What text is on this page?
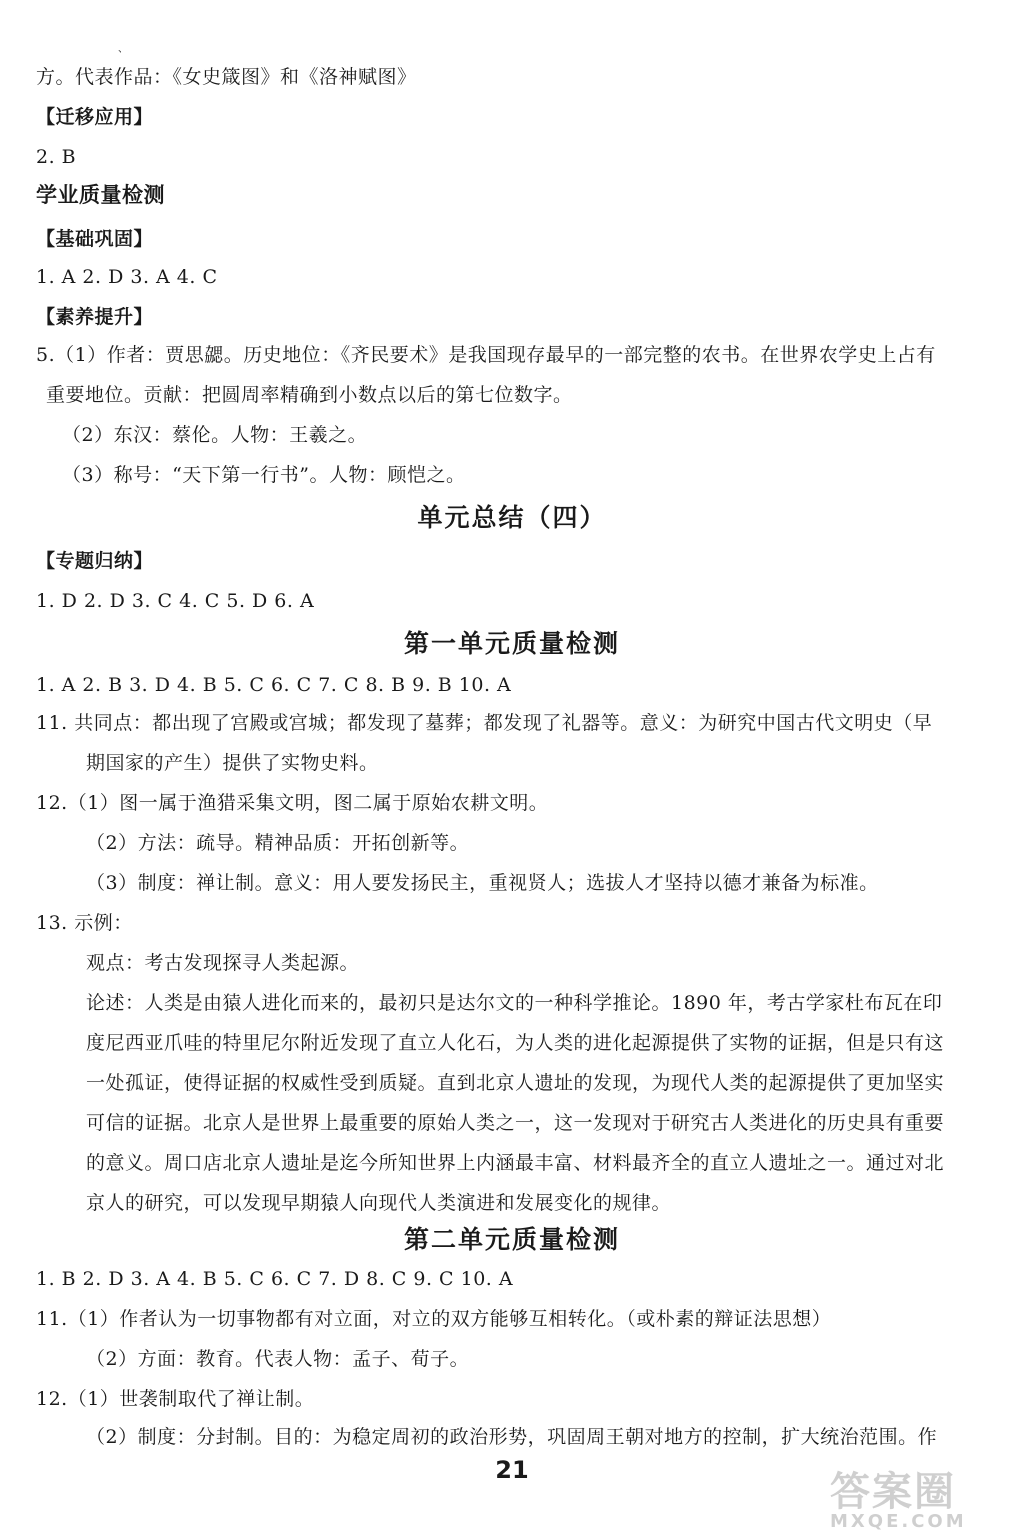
、
方。代表作品：《女史箴图》和《洛神赋图》
【迁移应用】
2. B
学业质量检测
【基础巩固】
1. A 2. D 3. A 4. C
【素养提升】
5.（1）作者：贾思勰。历史地位：《齐民要术》是我国现存最早的一部完整的农书。在世界农学史上占有
重要地位。贡献：把圆周率精确到小数点以后的第七位数字。
（2）东汉：蔡伦。人物：王羲之。
（3）称号：“天下第一行书”。人物：顾恺之。
单元总结（四）
【专题归纳】
1. D 2. D 3. C 4. C 5. D 6. A
第一单元质量检测
1. A 2. B 3. D 4. B 5. C 6. C 7. C 8. B 9. B 10. A
11. 共同点：都出现了宫殿或宫城；都发现了墓葬；都发现了礼器等。意义：为研究中国古代文明史（早
期国家的产生）提供了实物史料。
12.（1）图一属于渔猎采集文明，图二属于原始农耕文明。
（2）方法：疏导。精神品质：开拓创新等。
（3）制度：禅让制。意义：用人要发扬民主，重视贤人；选拔人才坚持以德才兼备为标准。
13. 示例：
观点：考古发现探寻人类起源。
论述：人类是由猿人进化而来的，最初只是达尔文的一种科学推论。1890 年，考古学家杜布瓦在印
度尼西亚爪哇的特里尼尔附近发现了直立人化石，为人类的进化起源提供了实物的证据，但是只有这
一处孤证，使得证据的权威性受到质疑。直到北京人遗址的发现，为现代人类的起源提供了更加坚实
可信的证据。北京人是世界上最重要的原始人类之一，这一发现对于研究古人类进化的历史具有重要
的意义。周口店北京人遗址是迄今所知世界上内涵最丰富、材料最齐全的直立人遗址之一。通过对北
京人的研究，可以发现早期猿人向现代人类演进和发展变化的规律。
第二单元质量检测
1. B 2. D 3. A 4. B 5. C 6. C 7. D 8. C 9. C 10. A
11.（1）作者认为一切事物都有对立面，对立的双方能够互相转化。（或朴素的辩证法思想）
（2）方面：教育。代表人物：孟子、荀子。
12.（1）世袭制取代了禅让制。
（2）制度：分封制。目的：为稳定周初的政治形势，巩固周王朝对地方的控制，扩大统治范围。作
21	答案圈
MXQE.COM
